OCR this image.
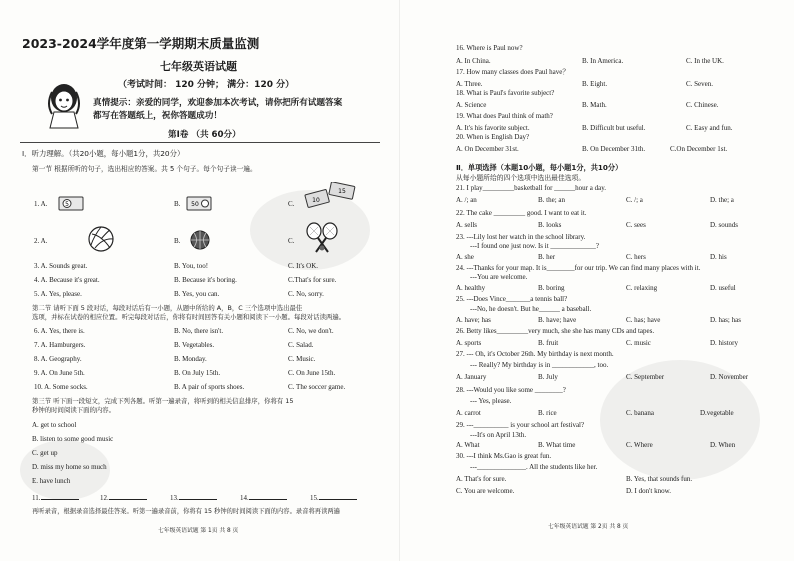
2023-2024学年度第一学期期末质量监测
七年级英语试题
（考试时间： 120 分钟； 满分：120 分）
真情提示：亲爱的同学，欢迎参加本次考试，请你把所有试题答案
都写在答题纸上，祝你答题成功！
第Ⅰ卷 （共 60分）
Ⅰ．听力理解。（共20小题，每小题1分，共20分）
第一节 根据所听的句子，选出相应的答案。共 5 个句子。每个句子读一遍。
1. A.	5	B. 50	C.	10
15
2. A.	B.	C.
3. A. Sounds great.	B. You, too!	C. It's OK.
4. A. Because it's great.	B. Because it's boring.	C.That's for sure.
5. A. Yes, please.	B. Yes, you can.	C. No, sorry.
第二节 请听下面 5 段对话，每段对话后有一小题，从题中所给的 A，B，C 三个选项中选出最佳
选项，并标在试卷的相应位置。听完每段对话后，你将有时间回答有关小题和阅读下一小题。每段对话读两遍。
6. A. Yes, there is.	B. No, there isn't.	C. No, we don't.
7. A. Hamburgers.	B. Vegetables.	C. Salad.
8. A. Geography.	B. Monday.	C. Music.
9. A. On June 5th.	B. On July 15th.	C. On June 15th.
10. A. Some socks.	B. A pair of sports shoes.	C. The soccer game.
第三节 听下面一段短文，完成下列各题。听第一遍录音，将听到的相关信息排序，你将有 15
秒钟的时间阅读下面的内容。
A. get to school
B. listen to some good music
C. get up
D. miss my home so much
E. have lunch
11.	12.	13.	14.	15.
再听录音，根据录音选择最佳答案。听第一遍录音前，你将有 15 秒钟的时间阅读下面的内容。录音将再读两遍
七年级英语试题 第 1页 共 8 页
16. Where is Paul now?
A. In China.	B. In America.	C. In the UK.
17. How many classes does Paul have？
A. Three.	B. Eight.	C. Seven.
18. What is Paul's favorite subject?
A. Science	B. Math.	C. Chinese.
19. What does Paul think of math?
A. It's his favorite subject.	B. Difficult but useful.	C. Easy and fun.
20. When is English Day?
A. On December 31st.	B. On December 31th.	C.On December 1st.
Ⅱ．单项选择（本题10小题，每小题1分，共10分）
从每小题所给的四个选项中选出最佳选项。
21. I play_________basketball for ______hour a day.
A. /; an	B. the; an	C. /; a	D. the; a
22. The cake _________ good. I want to eat it.
A. sells	B. looks	C. sees	D. sounds
23. ---Lily lost her watch in the school library.
---I found one just now. Is it _____________?
A. she	B. her	C. hers	D. his
24. ---Thanks for your map. It is________for our trip. We can find many places with it.
---You are welcome.
A. healthy	B. boring	C. relaxing	D. useful
25. ---Does Vince_______a tennis ball?
---No, he doesn't. But he______ a baseball.
A. have; has	B. have; have	C. has; have	D. has; has
26. Betty likes_________very much, she she has many CDs and tapes.
A. sports	B. fruit	C. music	D. history
27. --- Oh, it's October 26th. My birthday is next month.
--- Really? My birthday is in ____________, too.
A. January	B. July	C. September	D. November
28. ---Would you like some ________?
--- Yes, please.
A. carrot	B. rice	C. banana	D.vegetable
29. ---__________ is your school art festival?
---It's on April 13th.
A. What	B. What time	C. Where	D. When
30. ---I think Ms.Gao is great fun.
---______________. All the students like her.
A. That's for sure.	B. Yes, that sounds fun.
C. You are welcome.	D. I don't know.
七年级英语试题 第 2页 共 8 页
